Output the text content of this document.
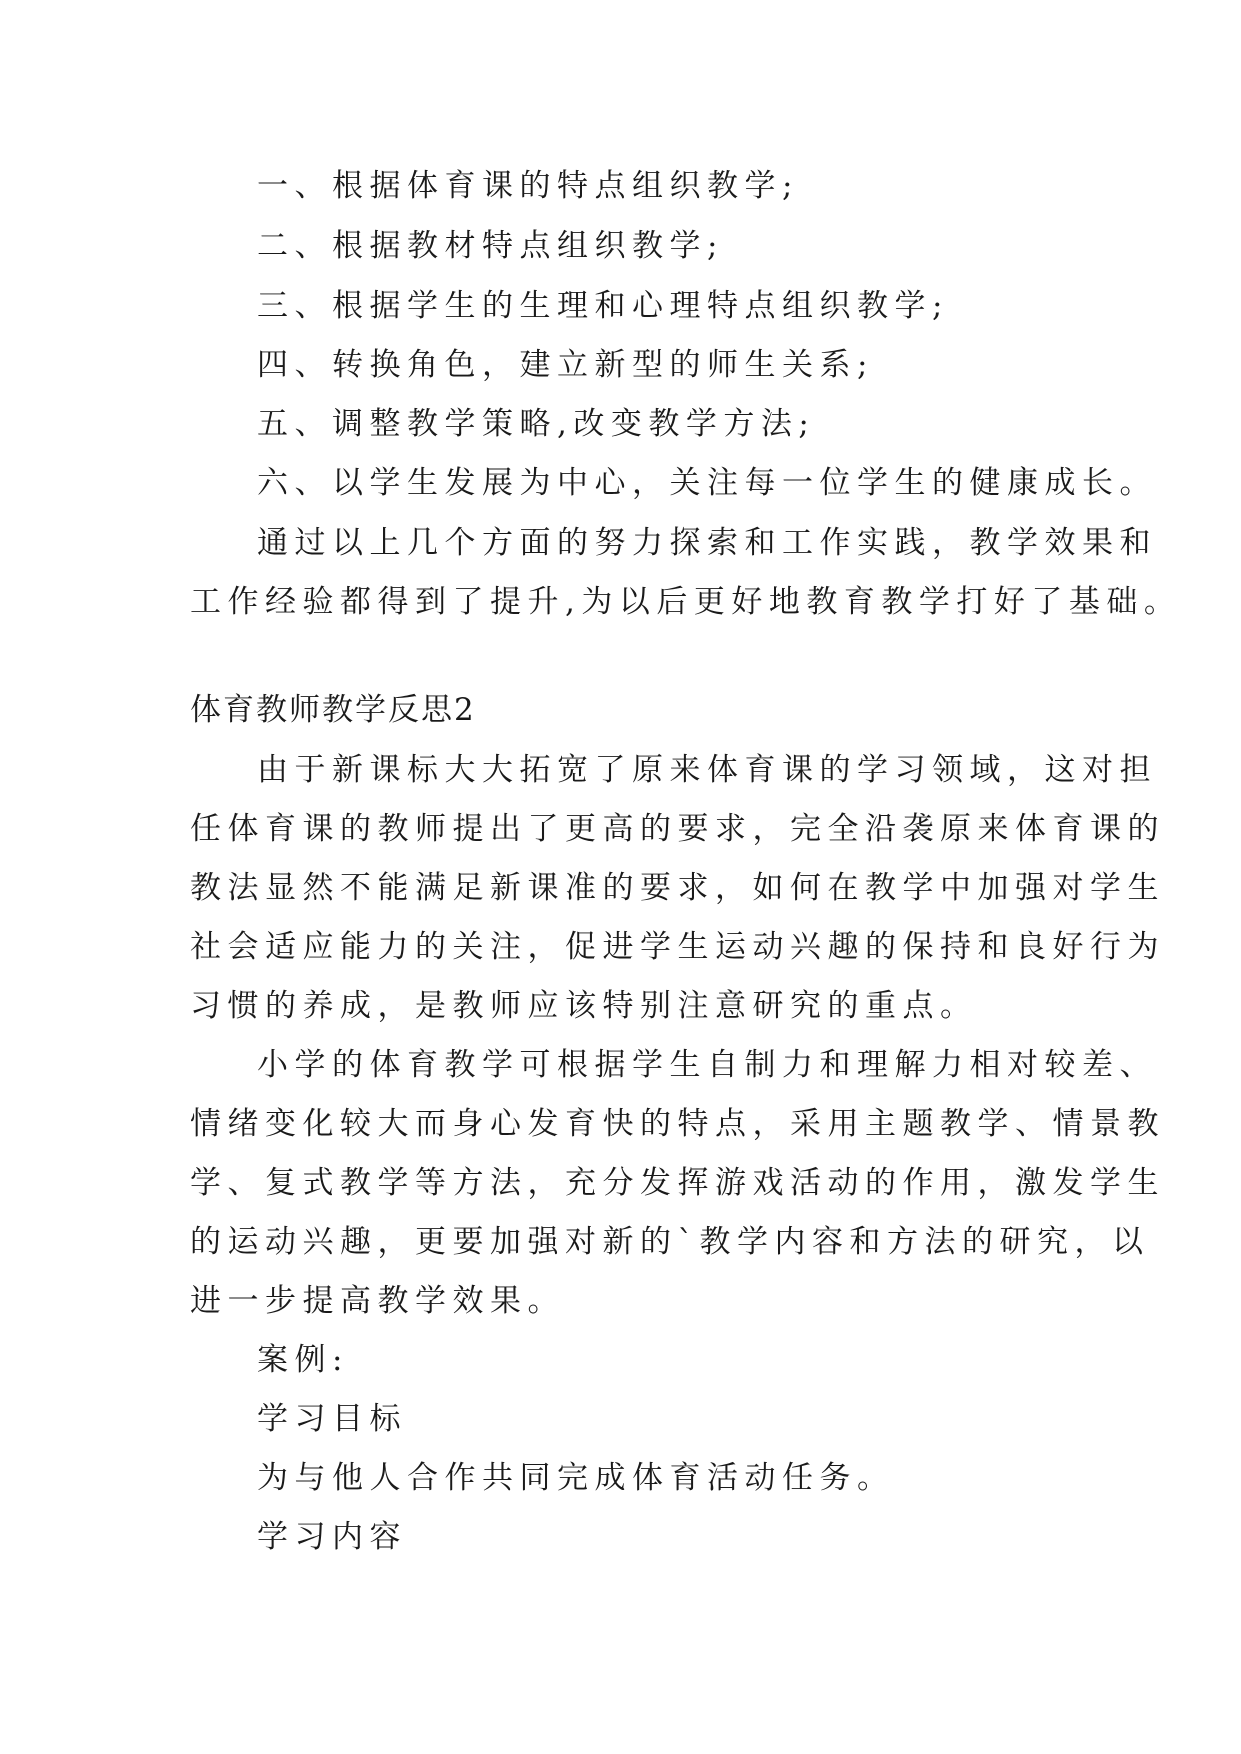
一、根据体育课的特点组织教学;
二、根据教材特点组织教学;
三、根据学生的生理和心理特点组织教学;
四、转换角色，建立新型的师生关系;
五、调整教学策略,改变教学方法;
六、以学生发展为中心，关注每一位学生的健康成长。
通过以上几个方面的努力探索和工作实践，教学效果和
工作经验都得到了提升,为以后更好地教育教学打好了基础。
体育教师教学反思2
由于新课标大大拓宽了原来体育课的学习领域，这对担
任体育课的教师提出了更高的要求，完全沿袭原来体育课的
教法显然不能满足新课准的要求，如何在教学中加强对学生
社会适应能力的关注，促进学生运动兴趣的保持和良好行为
习惯的养成，是教师应该特别注意研究的重点。
小学的体育教学可根据学生自制力和理解力相对较差、
情绪变化较大而身心发育快的特点，采用主题教学、情景教
学、复式教学等方法，充分发挥游戏活动的作用，激发学生
的运动兴趣，更要加强对新的`教学内容和方法的研究，以
进一步提高教学效果。
案例:
学习目标
为与他人合作共同完成体育活动任务。
学习内容
